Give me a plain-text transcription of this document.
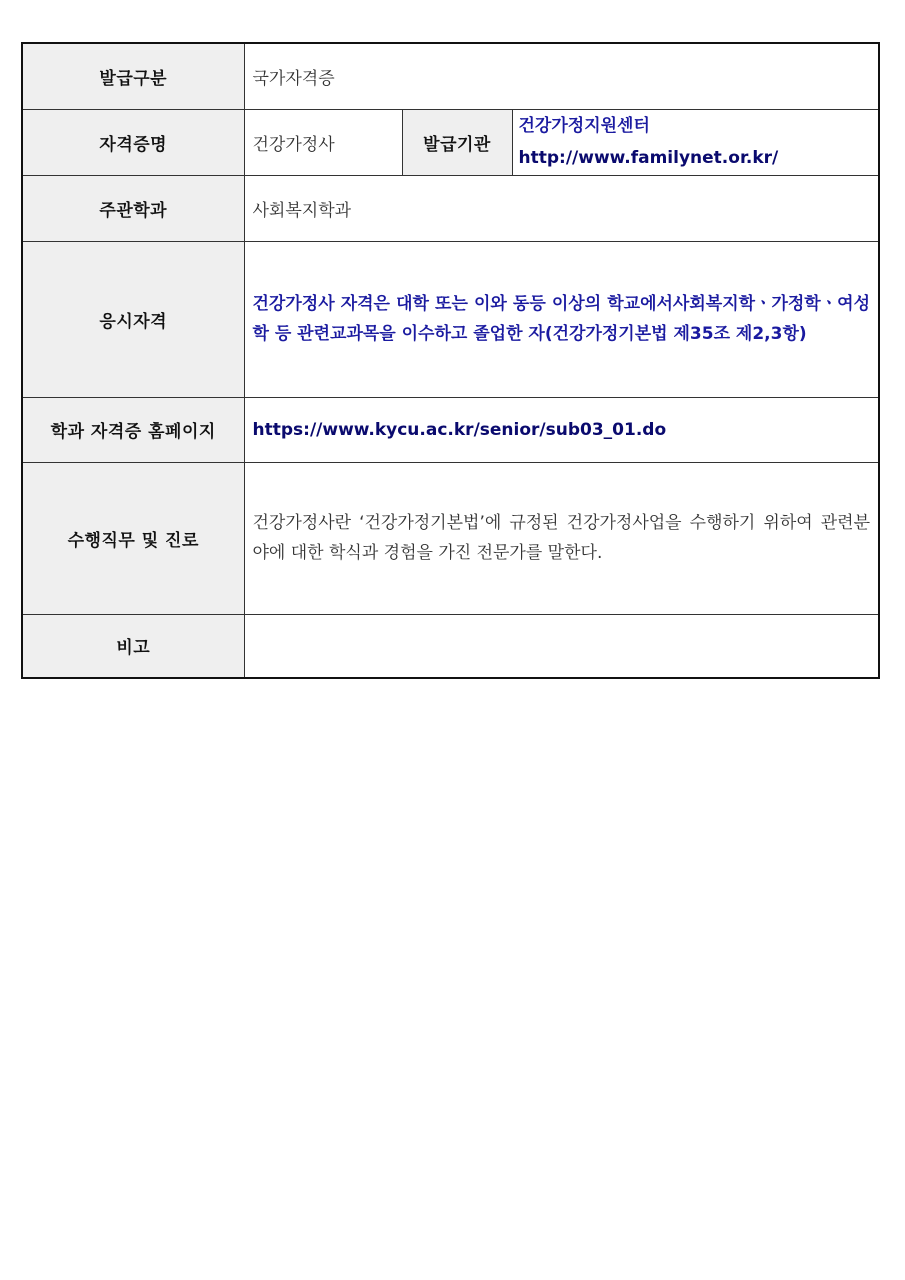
발급구분	국가자격증		
자격증명	건강가정사	발급기관	건강가정지원센터
http://www.familynet.or.kr/

주관학과	사회복지학과		
응시자격	건강가정사 자격은 대학 또는 이와 동등 이상의 학교에서사회복지학ㆍ가정학ㆍ여성학 등 관련교과목을 이수하고 졸업한 자(건강가정기본법 제35조 제2,3항)		
학과 자격증 홈페이지	https://www.kycu.ac.kr/senior/sub03_01.do		
수행직무 및 진로	건강가정사란 ‘건강가정기본법’에 규정된 건강가정사업을 수행하기 위하여 관련분야에 대한 학식과 경험을 가진 전문가를 말한다.		
비고			
